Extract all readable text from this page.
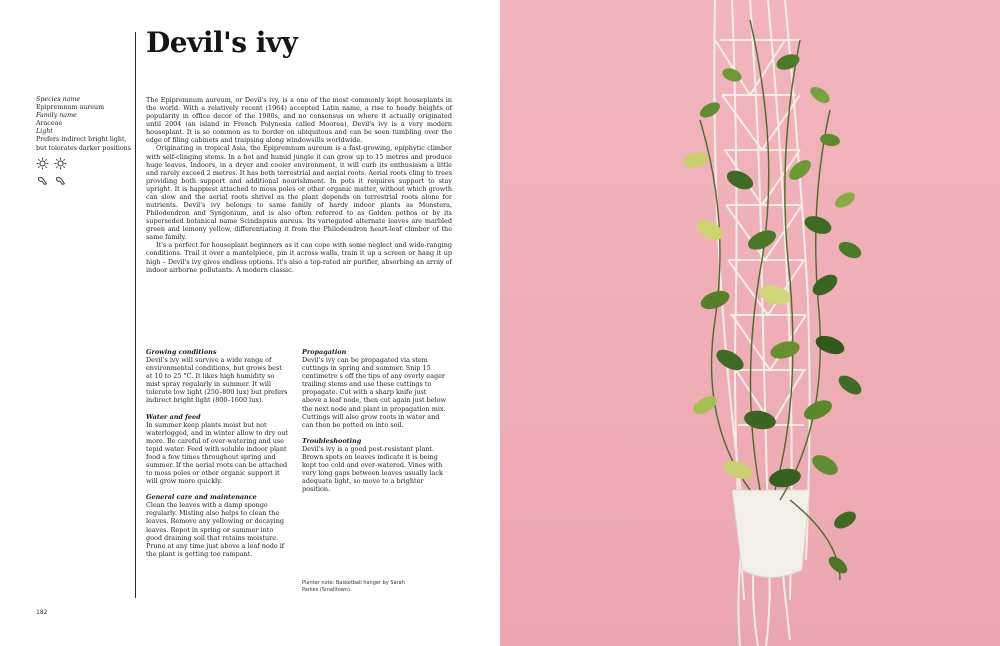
Devil's ivy
Species name
Epipremnum aureum
Family name
Araceae
Light
Prefers indirect bright light,
but tolerates darker positions

The Epipremnum aureum, or Devil's ivy, is a one of the most commonly kept houseplants in the world. With a relatively recent (1964) accepted Latin name, a rise to heady heights of popularity in office decor of the 1980s, and no consensus on where it actually originated until 2004 (an island in French Polynesia called Moorea), Devil's ivy is a very modern houseplant. It is so common as to border on ubiquitous and can be seen tumbling over the edge of filing cabinets and traipsing along windowsills worldwide.

Originating in tropical Asia, the Epipremnum aureum is a fast-growing, epiphytic climber with self-clinging stems. In a hot and humid jungle it can grow up to 15 metres and produce huge leaves. Indoors, in a dryer and cooler environment, it will curb its enthusiasm a little and rarely exceed 2 metres. It has both terrestrial and aerial roots. Aerial roots cling to trees providing both support and additional nourishment. In pots it requires support to stay upright. It is happiest attached to moss poles or other organic matter, without which growth can slow and the aerial roots shrivel as the plant depends on terrestrial roots alone for nutrients. Devil's ivy belongs to same family of hardy indoor plants as Monstera, Philodendron and Syngonium, and is also often referred to as Golden pothos or by its superseded botanical name Scindapsus aureus. Its variegated alternate leaves are marbled green and lemony yellow, differentiating it from the Philodendron heart-leaf climber of the same family.

It's a perfect for houseplant beginners as it can cope with some neglect and wide-ranging conditions. Trail it over a mantelpiece, pin it across walls, train it up a screen or hang it up high – Devil's ivy gives endless options. It's also a top-rated air purifier, absorbing an array of indoor airborne pollutants. A modern classic.

Growing conditions

Devil's ivy will survive a wide range of environmental conditions, but grows best at 10 to 25 °C. It likes high humidity so mist spray regularly in summer. It will tolerate low light (250–800 lux) but prefers indirect bright light (800–1600 lux).

Water and feed

In summer keep plants moist but not waterlogged, and in winter allow to dry out more. Be careful of over-watering and use tepid water. Feed with soluble indoor plant food a few times throughout spring and summer. If the aerial roots can be attached to moss poles or other organic support it will grow more quickly.

General care and maintenance

Clean the leaves with a damp sponge regularly. Misting also helps to clean the leaves. Remove any yellowing or decaying leaves. Repot in spring or summer into good draining soil that retains moisture. Prune at any time just above a leaf node if the plant is getting too rampant.

Propagation

Devil's ivy can be propagated via stem cuttings in spring and summer. Snip 15 centimetre s off the tips of any overly eager trailing stems and use these cuttings to propagate. Cut with a sharp knife just above a leaf node, then cut again just below the next node and plant in propagation mix. Cuttings will also grow roots in water and can then be potted on into soil.

Troubleshooting

Devil's ivy is a good pest-resistant plant. Brown spots on leaves indicate it is being kept too cold and over-watered. Vines with very long gaps between leaves usually lack adequate light, so move to a brighter position.

Planter note: Basketball hanger by Sarah Parkes (Smalltown).
182
